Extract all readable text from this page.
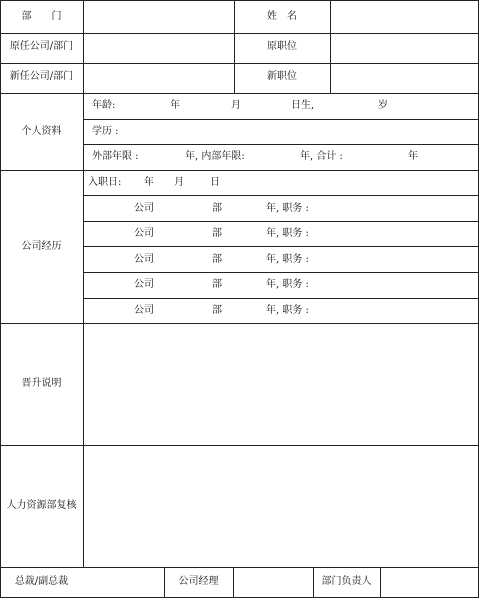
部　　门	姓　名
原任公司/部门	原职位
新任公司/部门	新职位
个人资料
年龄:	年	月	日生,	岁
学历 :
外部年限 :	年, 内部年限:	年, 合计 :	年
公司经历
入职日: 年 月	日
公司	部	年, 职务 :
公司	部	年, 职务 :
公司	部	年, 职务 :
公司	部	年, 职务 :
公司	部	年, 职务 :
晋升说明
人力资源部复核
总裁/副总裁	公司经理	部门负责人
